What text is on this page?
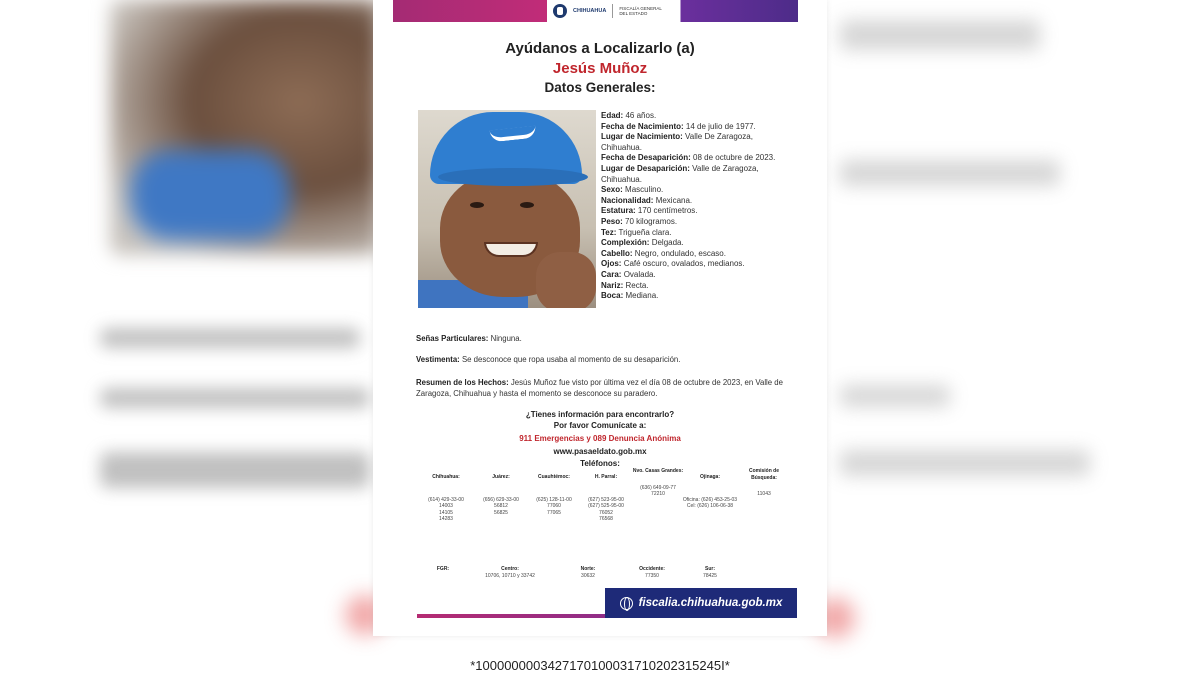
CHIHUAHUA	FISCALÍA GENERAL DEL ESTADO
Ayúdanos a Localizarlo (a)
Jesús Muñoz
Datos Generales:
Edad: 46 años.
Fecha de Nacimiento: 14 de julio de 1977.
Lugar de Nacimiento: Valle De Zaragoza, Chihuahua.
Fecha de Desaparición: 08 de octubre de 2023.
Lugar de Desaparición: Valle de Zaragoza, Chihuahua.
Sexo: Masculino.
Nacionalidad: Mexicana.
Estatura: 170 centímetros.
Peso: 70 kilogramos.
Tez: Trigueña clara.
Complexión: Delgada.
Cabello: Negro, ondulado, escaso.
Ojos: Café oscuro, ovalados, medianos.
Cara: Ovalada.
Nariz: Recta.
Boca: Mediana.
Señas Particulares: Ninguna.
Vestimenta: Se desconoce que ropa usaba al momento de su desaparición.
Resumen de los Hechos: Jesús Muñoz fue visto por última vez el día 08 de octubre de 2023, en Valle de Zaragoza, Chihuahua y hasta el momento se desconoce su paradero.
¿Tienes información para encontrarlo?
Por favor Comunícate a:
911 Emergencias y 089 Denuncia Anónima
www.pasaeldato.gob.mx
Teléfonos:
Chihuahua:
(614) 429-33-00
14003
14105
14283
Juárez:
(656) 629-33-00
56812
56825
Cuauhtémoc:
(625) 128-11-00
77060
77065
H. Parral:
(627) 523-95-00
(627) 525-95-00
76052
76568
Nvo. Casas Grandes:
(636) 649-09-77
72210
Ojinaga:
Oficina: (626) 453-25-03
Cel: (626) 106-06-38
Comisión de Búsqueda:
11043
FGR:	Centro:
10706, 10710 y 33742
Norte:
30632
Occidente:
77350
Sur:
78425
fiscalia.chihuahua.gob.mx
*1000000003427170100031710202315245I*
